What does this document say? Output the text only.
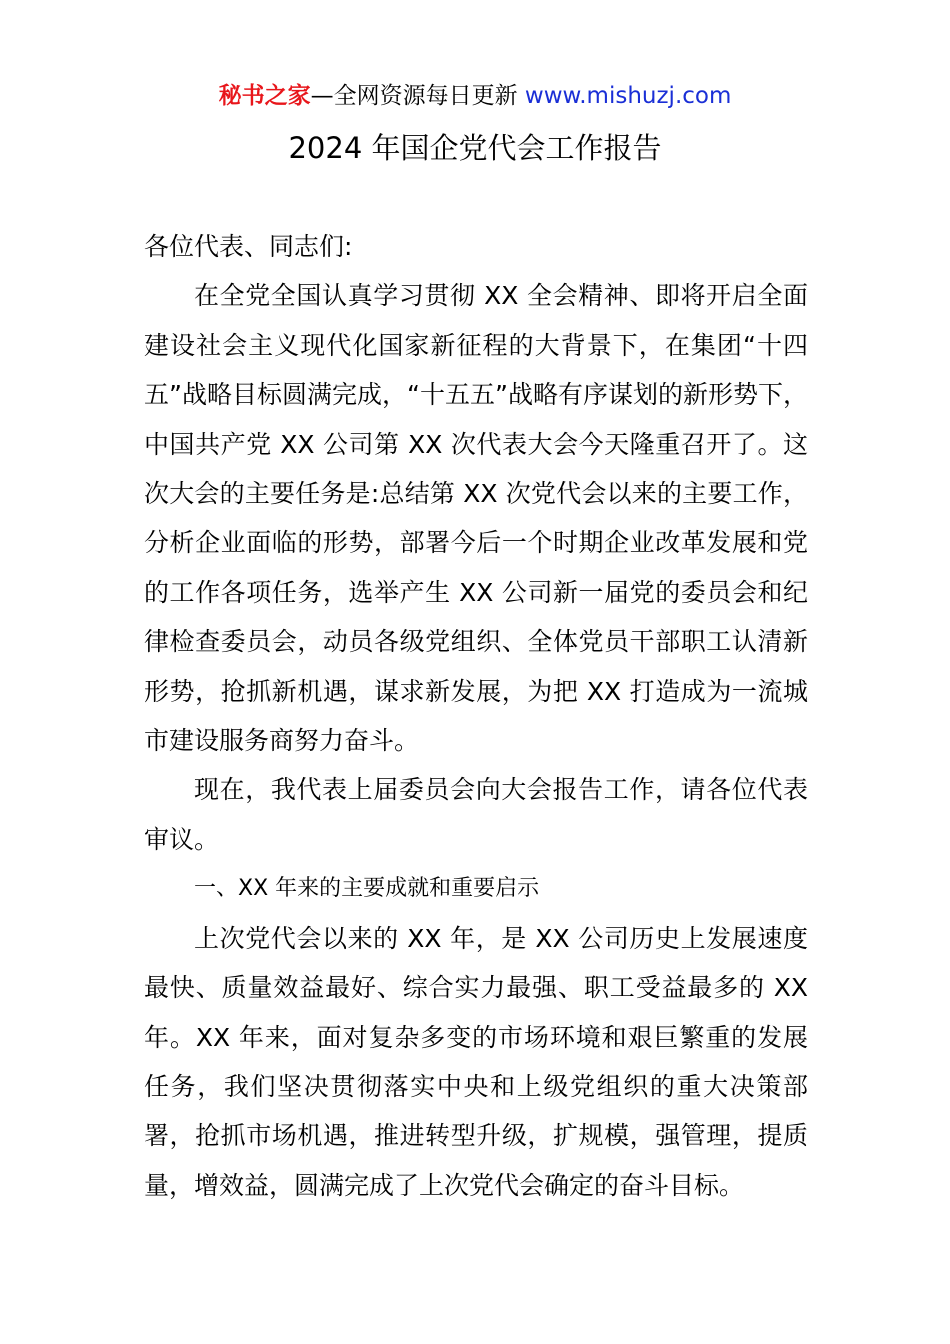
秘书之家—全网资源每日更新 www.mishuzj.com
2024 年国企党代会工作报告

各位代表、同志们:

在全党全国认真学习贯彻 XX 全会精神、即将开启全面建设社会主义现代化国家新征程的大背景下，在集团“十四五”战略目标圆满完成，“十五五”战略有序谋划的新形势下，中国共产党 XX 公司第 XX 次代表大会今天隆重召开了。这次大会的主要任务是:总结第 XX 次党代会以来的主要工作，分析企业面临的形势，部署今后一个时期企业改革发展和党的工作各项任务，选举产生 XX 公司新一届党的委员会和纪律检查委员会，动员各级党组织、全体党员干部职工认清新形势，抢抓新机遇，谋求新发展，为把 XX 打造成为一流城市建设服务商努力奋斗。

现在，我代表上届委员会向大会报告工作，请各位代表审议。

一、XX 年来的主要成就和重要启示

上次党代会以来的 XX 年，是 XX 公司历史上发展速度最快、质量效益最好、综合实力最强、职工受益最多的 XX 年。XX 年来，面对复杂多变的市场环境和艰巨繁重的发展任务，我们坚决贯彻落实中央和上级党组织的重大决策部署，抢抓市场机遇，推进转型升级，扩规模，强管理，提质量，增效益，圆满完成了上次党代会确定的奋斗目标。
